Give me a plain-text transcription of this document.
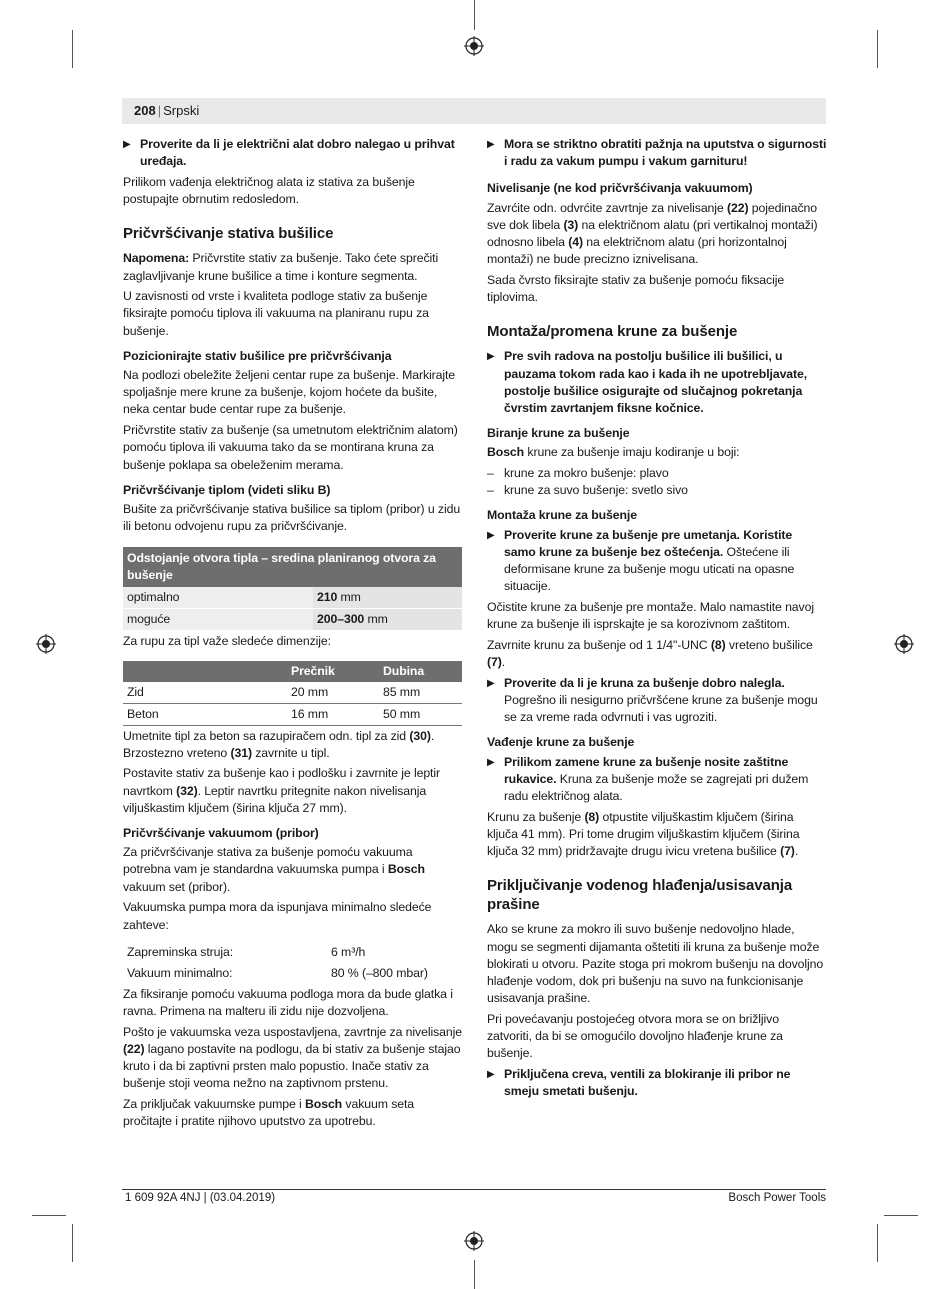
208 | Srpski

▶ Proverite da li je električni alat dobro nalegao u prihvat uređaja.

Prilikom vađenja električnog alata iz stativa za bušenje postupajte obrnutim redosledom.

Pričvršćivanje stativa bušilice

Napomena: Pričvrstite stativ za bušenje. Tako ćete sprečiti zaglavljivanje krune bušilice a time i konture segmenta.

U zavisnosti od vrste i kvaliteta podloge stativ za bušenje fiksirajte pomoću tiplova ili vakuuma na planiranu rupu za bušenje.

Pozicionirajte stativ bušilice pre pričvršćivanja

Na podlozi obeležite željeni centar rupe za bušenje. Markirajte spoljašnje mere krune za bušenje, kojom hoćete da bušite, neka centar bude centar rupe za bušenje.

Pričvrstite stativ za bušenje (sa umetnutom električnim alatom) pomoću tiplova ili vakuuma tako da se montirana kruna za bušenje poklapa sa obeleženim merama.

Pričvršćivanje tiplom (videti sliku B)

Bušite za pričvršćivanje stativa bušilice sa tiplom (pribor) u zidu ili betonu odvojenu rupu za pričvršćivanje.

Odstojanje otvora tipla – sredina planiranog otvora za bušenje	
optimalno	210 mm
moguće	200–300 mm

Za rupu za tipl važe sledeće dimenzije:

	Prečnik	Dubina
Zid	20 mm	85 mm
Beton	16 mm	50 mm

Umetnite tipl za beton sa razupiračem odn. tipl za zid (30). Brzostezno vreteno (31) zavrnite u tipl.

Postavite stativ za bušenje kao i podlošku i zavrnite je leptir navrtkom (32). Leptir navrtku pritegnite nakon nivelisanja viljuškastim ključem (širina ključa 27 mm).

Pričvršćivanje vakuumom (pribor)

Za pričvršćivanje stativa za bušenje pomoću vakuuma potrebna vam je standardna vakuumska pumpa i Bosch vakuum set (pribor).

Vakuumska pumpa mora da ispunjava minimalno sledeće zahteve:

Zapreminska struja:	6 m³/h
Vakuum minimalno:	80 % (–800 mbar)

Za fiksiranje pomoću vakuuma podloga mora da bude glatka i ravna. Primena na malteru ili zidu nije dozvoljena.

Pošto je vakuumska veza uspostavljena, zavrtnje za nivelisanje (22) lagano postavite na podlogu, da bi stativ za bušenje stajao kruto i da bi zaptivni prsten malo popustio. Inače stativ za bušenje stoji veoma nežno na zaptivnom prstenu.

Za priključak vakuumske pumpe i Bosch vakuum seta pročitajte i pratite njihovo uputstvo za upotrebu.

▶ Mora se striktno obratiti pažnja na uputstva o sigurnosti i radu za vakum pumpu i vakum garnituru!

Nivelisanje (ne kod pričvršćivanja vakuumom)

Zavrćite odn. odvrćite zavrtnje za nivelisanje (22) pojedinačno sve dok libela (3) na električnom alatu (pri vertikalnoj montaži) odnosno libela (4) na električnom alatu (pri horizontalnoj montaži) ne bude precizno iznivelisana.

Sada čvrsto fiksirajte stativ za bušenje pomoću fiksacije tiplovima.

Montaža/promena krune za bušenje

▶ Pre svih radova na postolju bušilice ili bušilici, u pauzama tokom rada kao i kada ih ne upotrebljavate, postolje bušilice osigurajte od slučajnog pokretanja čvrstim zavrtanjem fiksne kočnice.

Biranje krune za bušenje

Bosch krune za bušenje imaju kodiranje u boji:

– krune za mokro bušenje: plavo

– krune za suvo bušenje: svetlo sivo

Montaža krune za bušenje

▶ Proverite krune za bušenje pre umetanja. Koristite samo krune za bušenje bez oštećenja. Oštećene ili deformisane krune za bušenje mogu uticati na opasne situacije.

Očistite krune za bušenje pre montaže. Malo namastite navoj krune za bušenje ili isprskajte je sa korozivnom zaštitom.

Zavrnite krunu za bušenje od 1 1/4"-UNC (8) vreteno bušilice (7).

▶ Proverite da li je kruna za bušenje dobro nalegla. Pogrešno ili nesigurno pričvršćene krune za bušenje mogu se za vreme rada odvrnuti i vas ugroziti.

Vađenje krune za bušenje

▶ Prilikom zamene krune za bušenje nosite zaštitne rukavice. Kruna za bušenje može se zagrejati pri dužem radu električnog alata.

Krunu za bušenje (8) otpustite viljuškastim ključem (širina ključa 41 mm). Pri tome drugim viljuškastim ključem (širina ključa 32 mm) pridržavajte drugu ivicu vretena bušilice (7).

Priključivanje vodenog hlađenja/usisavanja prašine

Ako se krune za mokro ili suvo bušenje nedovoljno hlade, mogu se segmenti dijamanta oštetiti ili kruna za bušenje može blokirati u otvoru. Pazite stoga pri mokrom bušenju na dovoljno hlađenje vodom, dok pri bušenju na suvo na funkcionisanje usisavanja prašine.

Pri povećavanju postojećeg otvora mora se on brižljivo zatvoriti, da bi se omogućilo dovoljno hlađenje krune za bušenje.

▶ Priključena creva, ventili za blokiranje ili pribor ne smeju smetati bušenju.

1 609 92A 4NJ | (03.04.2019)	Bosch Power Tools
